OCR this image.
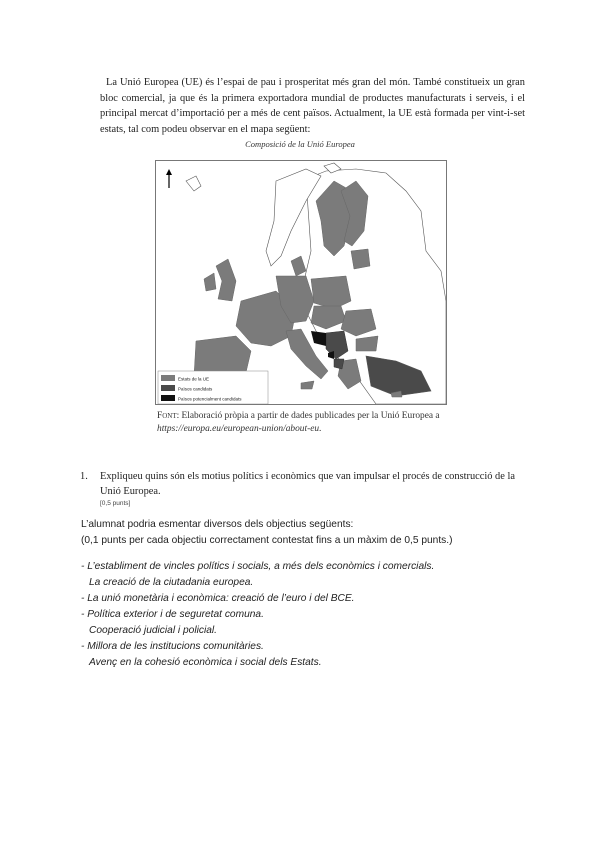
La Unió Europea (UE) és l’espai de pau i prosperitat més gran del món. També constitueix un gran bloc comercial, ja que és la primera exportadora mundial de productes manufacturats i serveis, i el principal mercat d’importació per a més de cent països. Actualment, la UE està formada per vint-i-set estats, tal com podeu observar en el mapa següent:

Composició de la Unió Europea
Estats de la UE
Països candidats
Països potencialment candidats
Font: Elaboració pròpia a partir de dades publicades per la Unió Europea a https://europa.eu/european-union/about-eu.
1. Expliqueu quins són els motius polítics i econòmics que van impulsar el procés de construcció de la Unió Europea.
[0,5 punts]

L’alumnat podria esmentar diversos dels objectius següents:

(0,1 punts per cada objectiu correctament contestat fins a un màxim de 0,5 punts.)

- L’establiment de vincles polítics i socials, a més dels econòmics i comercials.
La creació de la ciutadania europea.
- La unió monetària i econòmica: creació de l’euro i del BCE.
- Política exterior i de seguretat comuna.
Cooperació judicial i policial.
- Millora de les institucions comunitàries.
Avenç en la cohesió econòmica i social dels Estats.
